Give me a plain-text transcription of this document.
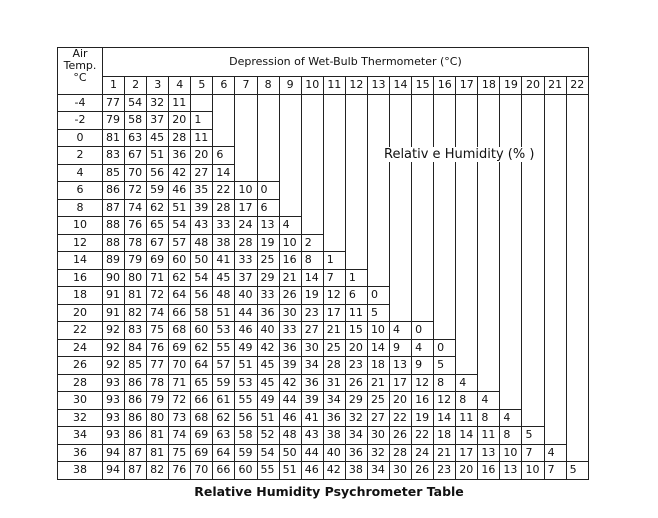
Air
Temp.
°C	Depression of Wet-Bulb Thermometer (°C)																					
	1	2	3	4	5	6	7	8	9	10	11	12	13	14	15	16	17	18	19	20	21	22
-4	77	54	32	11																		
-2	79	58	37	20	1																	
0	81	63	45	28	11																	
2	83	67	51	36	20	6																
4	85	70	56	42	27	14																
6	86	72	59	46	35	22	10	0														
8	87	74	62	51	39	28	17	6														
10	88	76	65	54	43	33	24	13	4													
12	88	78	67	57	48	38	28	19	10	2												
14	89	79	69	60	50	41	33	25	16	8	1											
16	90	80	71	62	54	45	37	29	21	14	7	1										
18	91	81	72	64	56	48	40	33	26	19	12	6	0									
20	91	82	74	66	58	51	44	36	30	23	17	11	5									
22	92	83	75	68	60	53	46	40	33	27	21	15	10	4	0							
24	92	84	76	69	62	55	49	42	36	30	25	20	14	9	4	0						
26	92	85	77	70	64	57	51	45	39	34	28	23	18	13	9	5						
28	93	86	78	71	65	59	53	45	42	36	31	26	21	17	12	8	4					
30	93	86	79	72	66	61	55	49	44	39	34	29	25	20	16	12	8	4				
32	93	86	80	73	68	62	56	51	46	41	36	32	27	22	19	14	11	8	4			
34	93	86	81	74	69	63	58	52	48	43	38	34	30	26	22	18	14	11	8	5		
36	94	87	81	75	69	64	59	54	50	44	40	36	32	28	24	21	17	13	10	7	4	
38	94	87	82	76	70	66	60	55	51	46	42	38	34	30	26	23	20	16	13	10	7	5
Relativ e Humidity (% )
Relative Humidity Psychrometer Table
